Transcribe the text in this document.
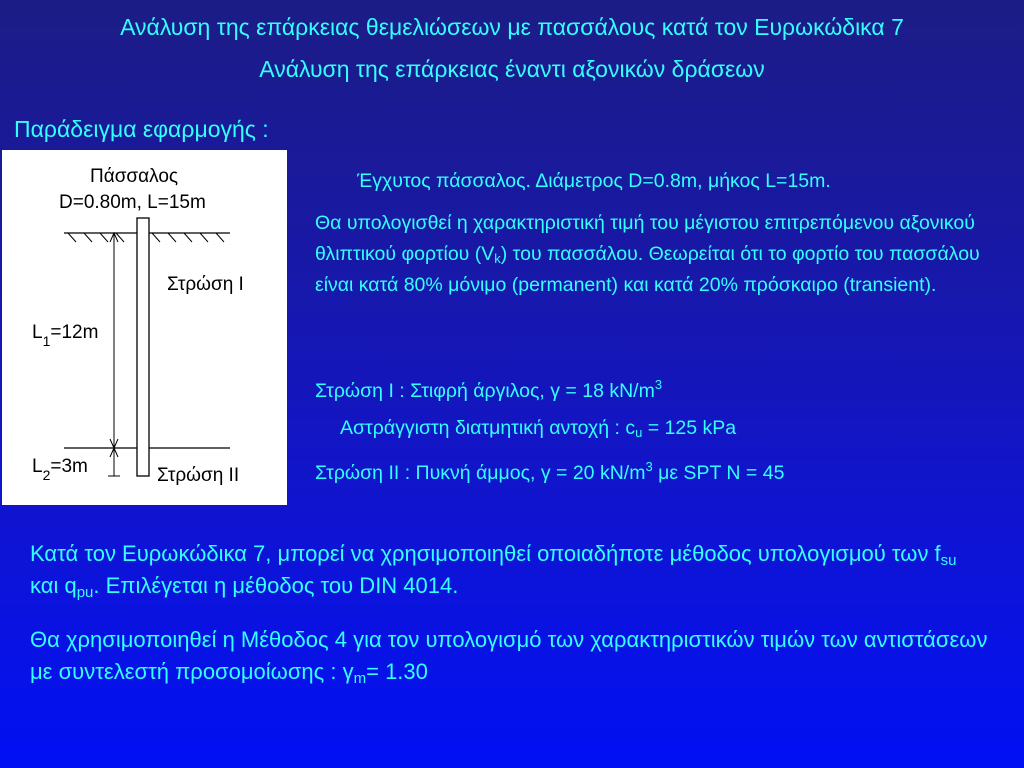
Ανάλυση της επάρκειας θεμελιώσεων με πασσάλους κατά τον Ευρωκώδικα 7
Ανάλυση της επάρκειας έναντι αξονικών δράσεων
Παράδειγμα εφαρμογής :
Πάσσαλος
D=0.80m, L=15m
Στρώση Ι
Στρώση ΙΙ
$L_1=12m$
$L_2=3m$

Έγχυτος πάσσαλος. Διάμετρος D=0.8m, μήκος L=15m.

Θα υπολογισθεί η χαρακτηριστική τιμή του μέγιστου επιτρεπόμενου αξονικού θλιπτικού φορτίου $(V_k)$ του πασσάλου. Θεωρείται ότι το φορτίο του πασσάλου είναι κατά 80% μόνιμο (permanent) και κατά 20% πρόσκαιρο (transient).

Στρώση Ι : Στιφρή άργιλος, γ = 18 $kN/m^3$

Αστράγγιστη διατμητική αντοχή : $c_u = 125$ kPa

Στρώση ΙΙ : Πυκνή άμμος, γ = 20 $kN/m^3$ με SPT N = 45

Κατά τον Ευρωκώδικα 7, μπορεί να χρησιμοποιηθεί οποιαδήποτε μέθοδος υπολογισμού των $f_{su}$ και $q_{pu}$. Επιλέγεται η μέθοδος του DIN 4014.

Θα χρησιμοποιηθεί η Μέθοδος 4 για τον υπολογισμό των χαρακτηριστικών τιμών των αντιστάσεων με συντελεστή προσομοίωσης : $\gamma_m= 1.30$
